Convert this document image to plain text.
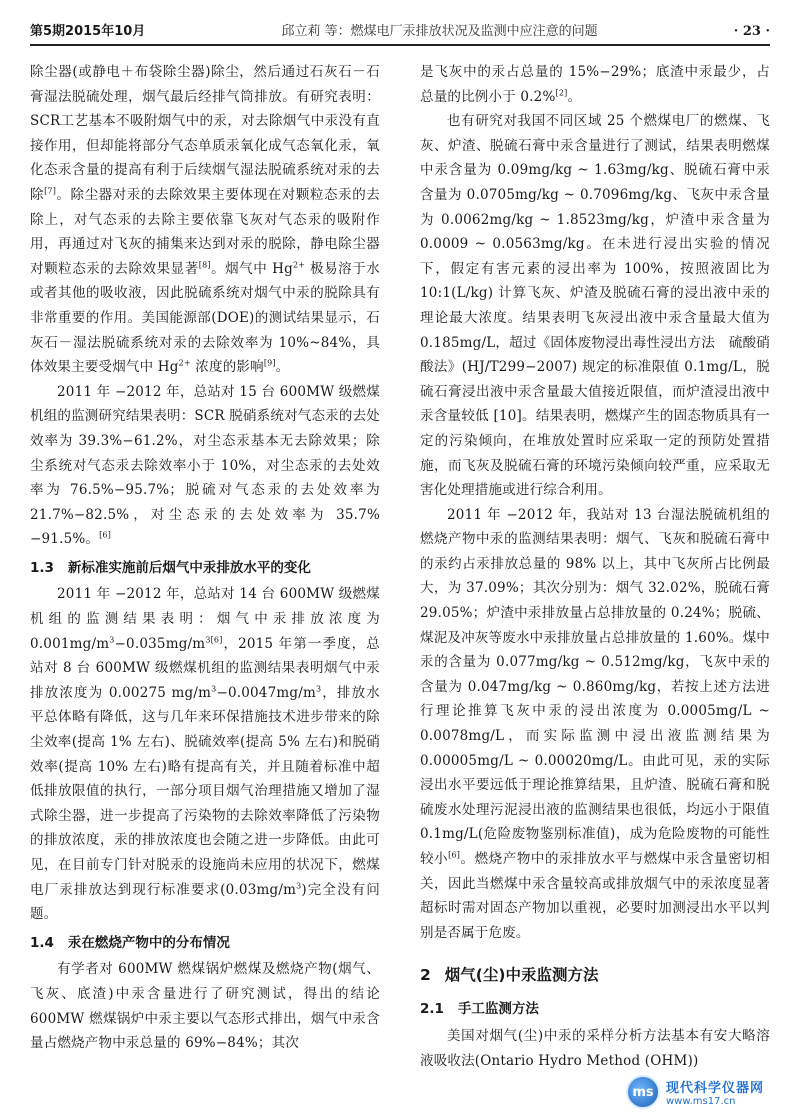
第5期2015年10月	邱立莉 等：燃煤电厂汞排放状况及监测中应注意的问题	· 23 ·

除尘器(或静电＋布袋除尘器)除尘，然后通过石灰石－石膏湿法脱硫处理，烟气最后经排气筒排放。有研究表明：SCR工艺基本不吸附烟气中的汞，对去除烟气中汞没有直接作用，但却能将部分气态单质汞氧化成气态氧化汞，氧化态汞含量的提高有利于后续烟气湿法脱硫系统对汞的去除[7]。除尘器对汞的去除效果主要体现在对颗粒态汞的去除上，对气态汞的去除主要依靠飞灰对气态汞的吸附作用，再通过对飞灰的捕集来达到对汞的脱除，静电除尘器对颗粒态汞的去除效果显著[8]。烟气中 $Hg^{2+}$ 极易溶于水或者其他的吸收液，因此脱硫系统对烟气中汞的脱除具有非常重要的作用。美国能源部(DOE)的测试结果显示，石灰石－湿法脱硫系统对汞的去除效率为 10%~84%，具体效果主要受烟气中 $Hg^{2+}$ 浓度的影响[9]。

2011 年 −2012 年，总站对 15 台 600MW 级燃煤机组的监测研究结果表明：SCR 脱硝系统对气态汞的去处效率为 39.3%−61.2%，对尘态汞基本无去除效果；除尘系统对气态汞去除效率小于 10%，对尘态汞的去处效率为 76.5%−95.7%；脱硫对气态汞的去处效率为 21.7%−82.5%，对尘态汞的去处效率为 35.7%−91.5%。[6]

1.3 新标准实施前后烟气中汞排放水平的变化

2011 年 −2012 年，总站对 14 台 600MW 级燃煤机组的监测结果表明：烟气中汞排放浓度为 $0.001mg/m^3-0.035mg/m^{3[6]}$，2015 年第一季度，总站对 8 台 600MW 级燃煤机组的监测结果表明烟气中汞排放浓度为 0.00275 $mg/m^3-0.0047mg/m^3$，排放水平总体略有降低，这与几年来环保措施技术进步带来的除尘效率(提高 1% 左右)、脱硫效率(提高 5% 左右)和脱硝效率(提高 10% 左右)略有提高有关，并且随着标准中超低排放限值的执行，一部分项目烟气治理措施又增加了湿式除尘器，进一步提高了污染物的去除效率降低了污染物的排放浓度，汞的排放浓度也会随之进一步降低。由此可见，在目前专门针对脱汞的设施尚未应用的状况下，燃煤电厂汞排放达到现行标准要求$(0.03mg/m^3)$完全没有问题。

1.4 汞在燃烧产物中的分布情况

有学者对 600MW 燃煤锅炉燃煤及燃烧产物(烟气、飞灰、底渣)中汞含量进行了研究测试，得出的结论 600MW 燃煤锅炉中汞主要以气态形式排出，烟气中汞含量占燃烧产物中汞总量的 69%−84%；其次

是飞灰中的汞占总量的 15%−29%；底渣中汞最少，占总量的比例小于 0.2%[2]。

也有研究对我国不同区域 25 个燃煤电厂的燃煤、飞灰、炉渣、脱硫石膏中汞含量进行了测试，结果表明燃煤中汞含量为 0.09mg/kg ~ 1.63mg/kg、脱硫石膏中汞含量为 0.0705mg/kg ~ 0.7096mg/kg、飞灰中汞含量为 0.0062mg/kg ~ 1.8523mg/kg，炉渣中汞含量为 0.0009 ~ 0.0563mg/kg。在未进行浸出实验的情况下，假定有害元素的浸出率为 100%，按照液固比为 10:1(L/kg) 计算飞灰、炉渣及脱硫石膏的浸出液中汞的理论最大浓度。结果表明飞灰浸出液中汞含量最大值为 0.185mg/L，超过《固体废物浸出毒性浸出方法　硫酸硝酸法》(HJ/T299−2007) 规定的标准限值 0.1mg/L，脱硫石膏浸出液中汞含量最大值接近限值，而炉渣浸出液中汞含量较低 [10]。结果表明，燃煤产生的固态物质具有一定的污染倾向，在堆放处置时应采取一定的预防处置措施，而飞灰及脱硫石膏的环境污染倾向较严重，应采取无害化处理措施或进行综合利用。

2011 年 −2012 年，我站对 13 台湿法脱硫机组的燃烧产物中汞的监测结果表明：烟气、飞灰和脱硫石膏中的汞约占汞排放总量的 98% 以上，其中飞灰所占比例最大，为 37.09%；其次分别为：烟气 32.02%，脱硫石膏 29.05%；炉渣中汞排放量占总排放量的 0.24%；脱硫、煤泥及冲灰等废水中汞排放量占总排放量的 1.60%。煤中汞的含量为 0.077mg/kg ~ 0.512mg/kg，飞灰中汞的含量为 0.047mg/kg ~ 0.860mg/kg，若按上述方法进行理论推算飞灰中汞的浸出浓度为 0.0005mg/L ~ 0.0078mg/L，而实际监测中浸出液监测结果为 0.00005mg/L ~ 0.00020mg/L。由此可见，汞的实际浸出水平要远低于理论推算结果，且炉渣、脱硫石膏和脱硫废水处理污泥浸出液的监测结果也很低，均远小于限值 0.1mg/L(危险废物鉴别标准值)，成为危险废物的可能性较小[6]。燃烧产物中的汞排放水平与燃煤中汞含量密切相关，因此当燃煤中汞含量较高或排放烟气中的汞浓度显著超标时需对固态产物加以重视，必要时加测浸出水平以判别是否属于危废。

2 烟气(尘)中汞监测方法
2.1 手工监测方法

美国对烟气(尘)中汞的采样分析方法基本有安大略溶液吸收法(Ontario Hydro Method (OHM))

ms 现代科学仪器网
www.ms17.cn
